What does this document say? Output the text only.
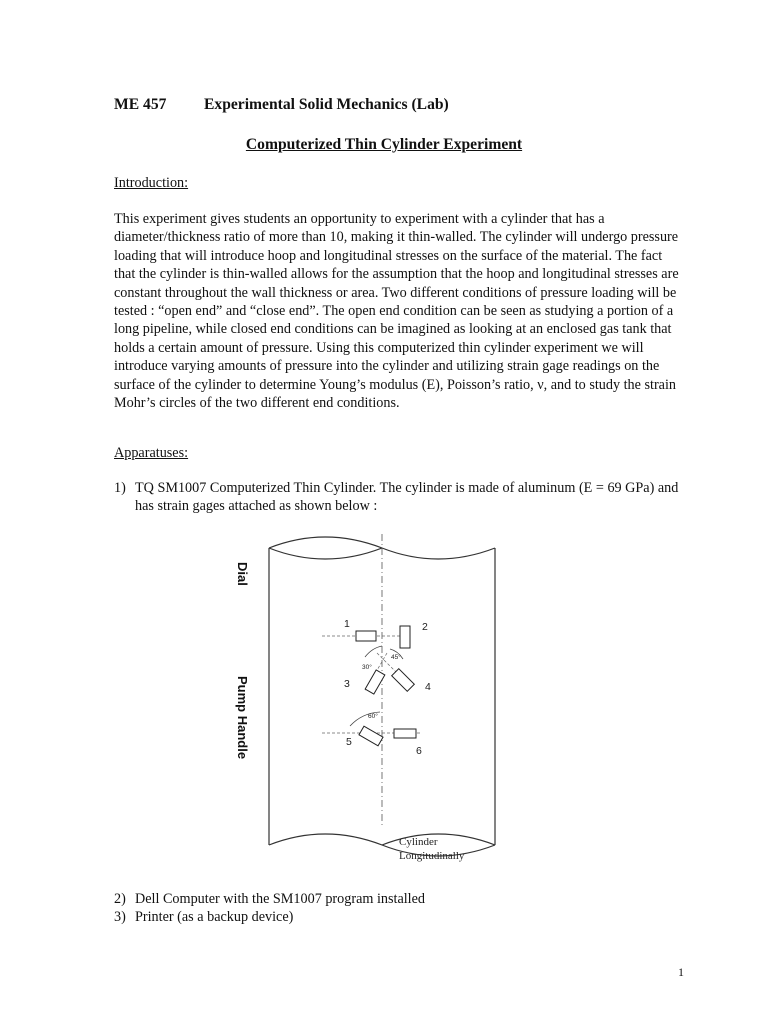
ME 457 Experimental Solid Mechanics (Lab)
Computerized Thin Cylinder Experiment
Introduction:
This experiment gives students an opportunity to experiment with a cylinder that has a diameter/thickness ratio of more than 10, making it thin-walled. The cylinder will undergo pressure loading that will introduce hoop and longitudinal stresses on the surface of the material. The fact that the cylinder is thin-walled allows for the assumption that the hoop and longitudinal stresses are constant throughout the wall thickness or area. Two different conditions of pressure loading will be tested : “open end” and “close end”. The open end condition can be seen as studying a portion of a long pipeline, while closed end conditions can be imagined as looking at an enclosed gas tank that holds a certain amount of pressure. Using this computerized thin cylinder experiment we will introduce varying amounts of pressure into the cylinder and utilizing strain gage readings on the surface of the cylinder to determine Young’s modulus (E), Poisson’s ratio, ν, and to study the strain Mohr’s circles of the two different end conditions.
Apparatuses:
1) TQ SM1007 Computerized Thin Cylinder. The cylinder is made of aluminum (E = 69 GPa) and has strain gages attached as shown below :
Dial
Pump Handle
1	2
3	4
5
6
30°
45°
60°
Cylinder
Longitudinally
2) Dell Computer with the SM1007 program installed
3) Printer (as a backup device)
1
